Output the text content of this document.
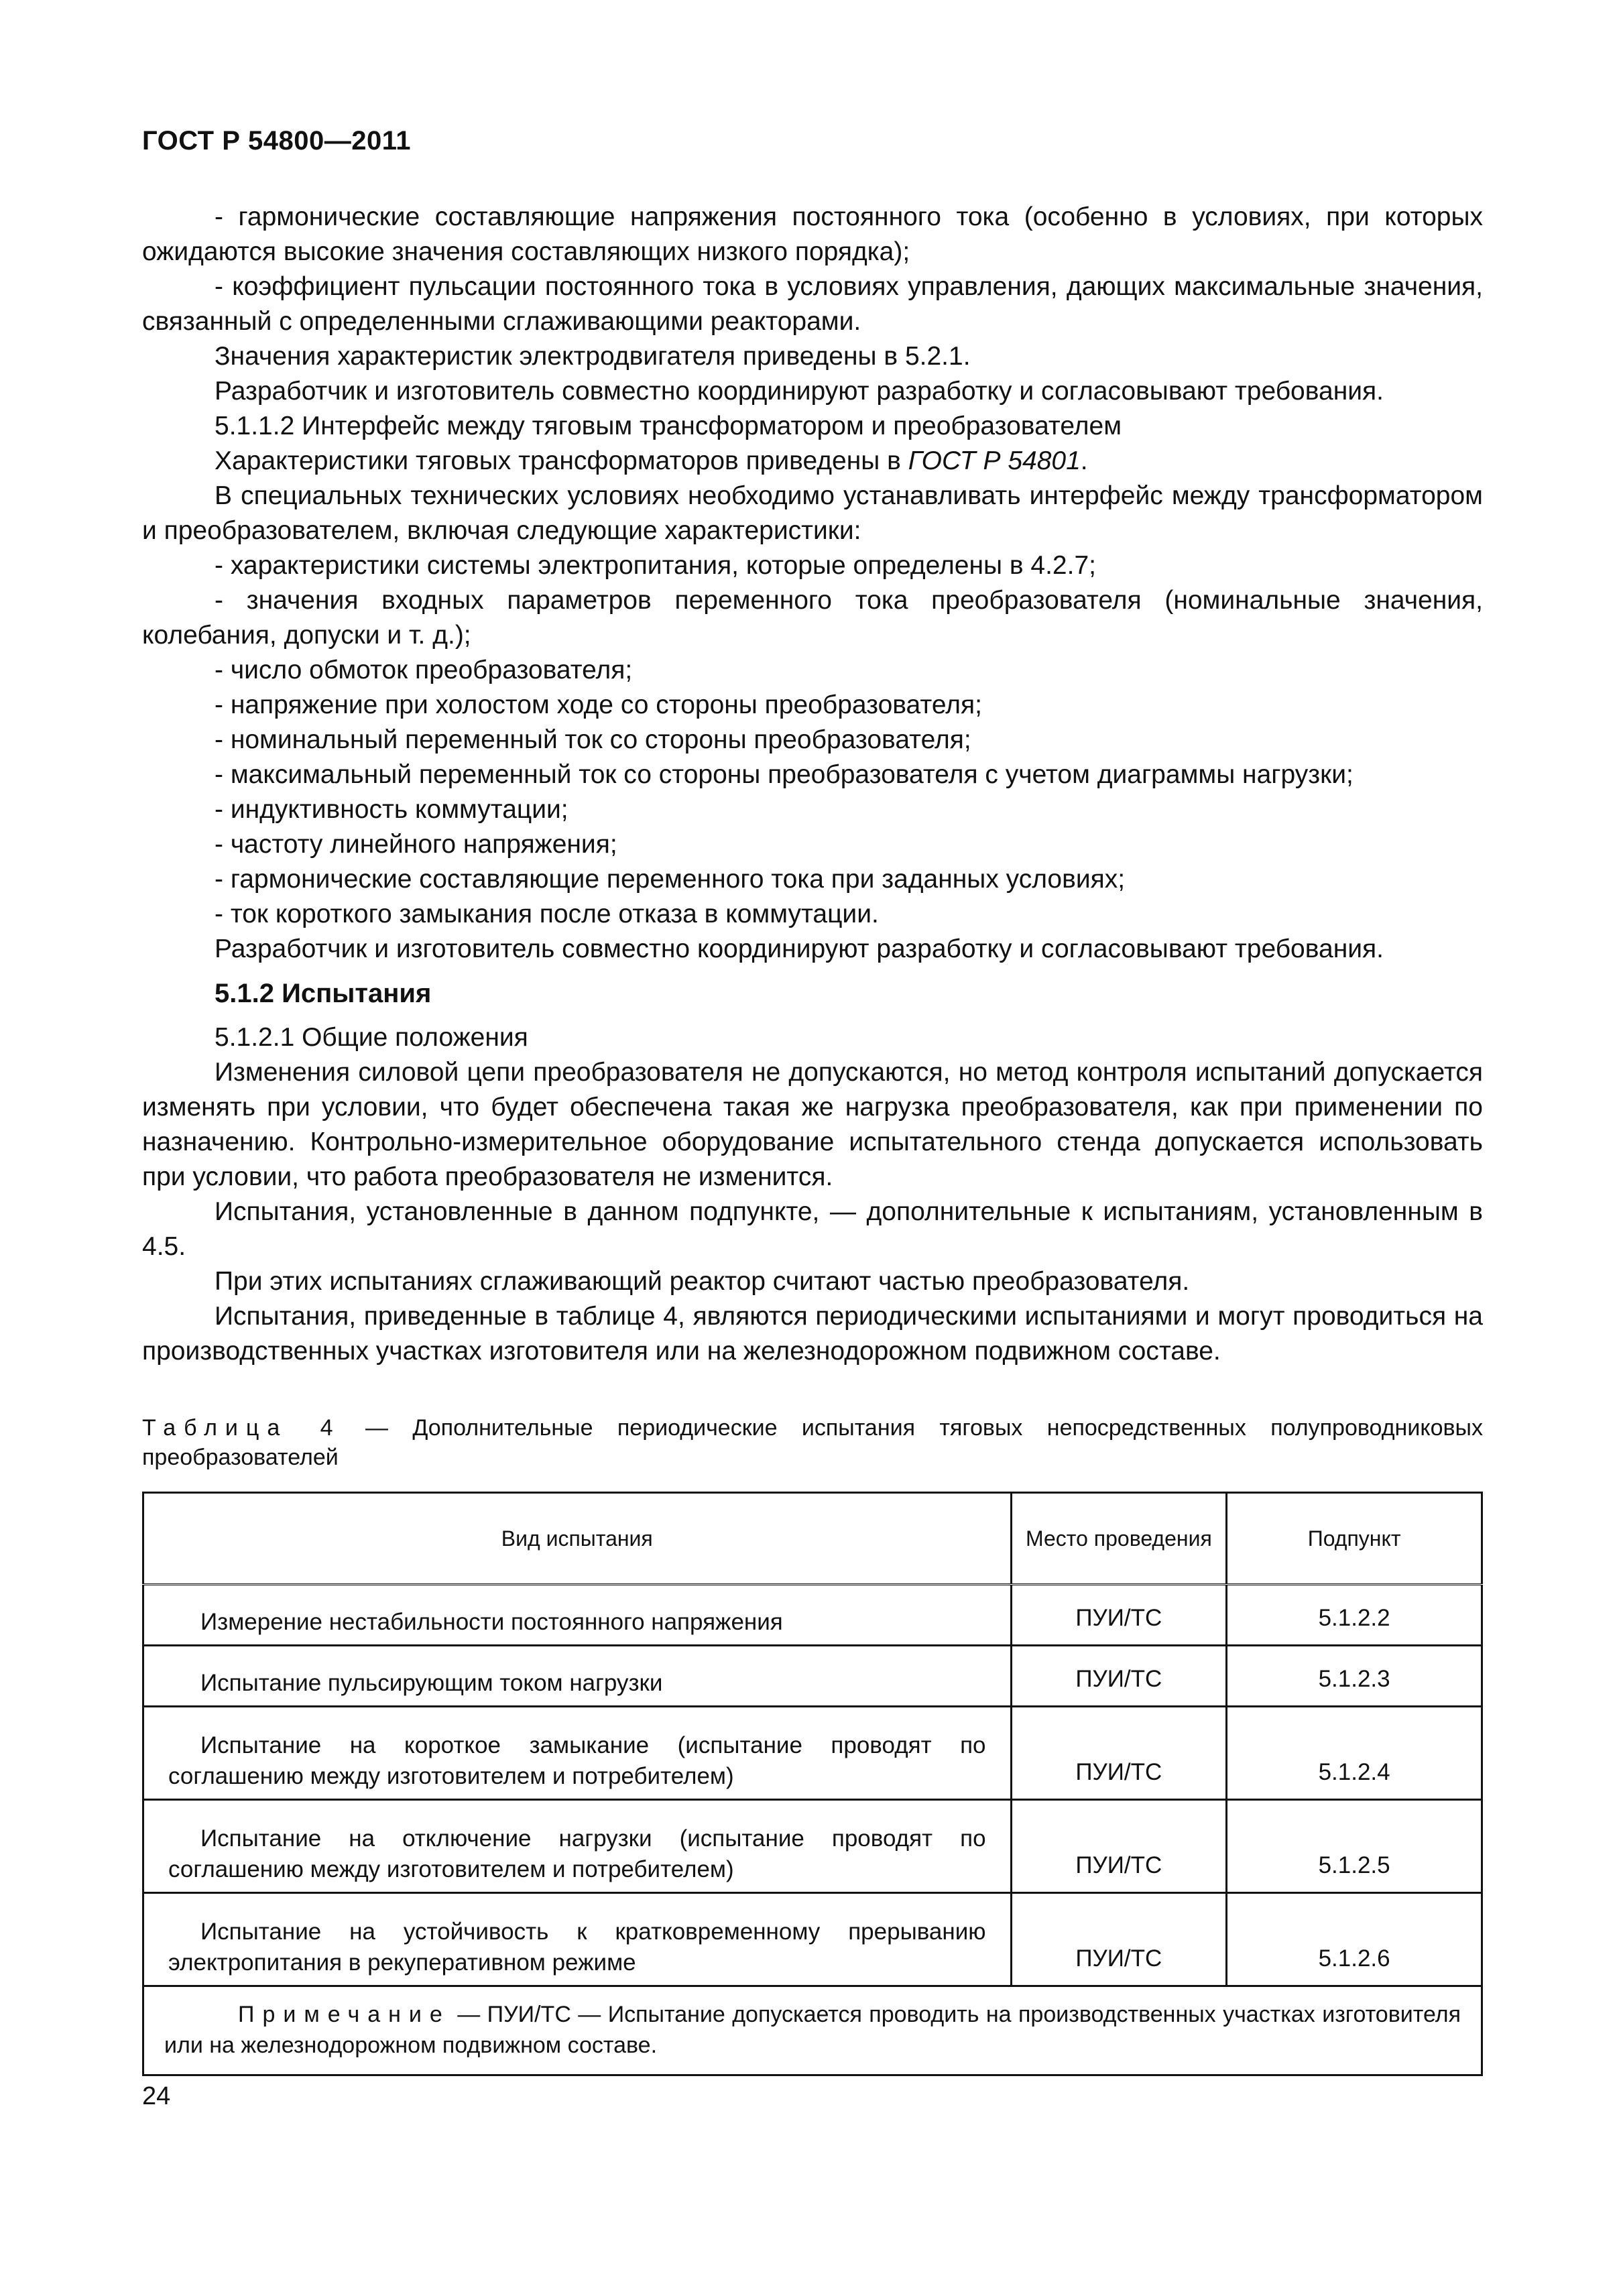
ГОСТ Р 54800—2011

- гармонические составляющие напряжения постоянного тока (особенно в условиях, при которых ожидаются высокие значения составляющих низкого порядка);

- коэффициент пульсации постоянного тока в условиях управления, дающих максимальные значения, связанный с определенными сглаживающими реакторами.

Значения характеристик электродвигателя приведены в 5.2.1.

Разработчик и изготовитель совместно координируют разработку и согласовывают требования.

5.1.1.2 Интерфейс между тяговым трансформатором и преобразователем

Характеристики тяговых трансформаторов приведены в ГОСТ Р 54801.

В специальных технических условиях необходимо устанавливать интерфейс между трансформатором и преобразователем, включая следующие характеристики:

- характеристики системы электропитания, которые определены в 4.2.7;

- значения входных параметров переменного тока преобразователя (номинальные значения, колебания, допуски и т. д.);

- число обмоток преобразователя;

- напряжение при холостом ходе со стороны преобразователя;

- номинальный переменный ток со стороны преобразователя;

- максимальный переменный ток со стороны преобразователя с учетом диаграммы нагрузки;

- индуктивность коммутации;

- частоту линейного напряжения;

- гармонические составляющие переменного тока при заданных условиях;

- ток короткого замыкания после отказа в коммутации.

Разработчик и изготовитель совместно координируют разработку и согласовывают требования.

5.1.2 Испытания

5.1.2.1 Общие положения

Изменения силовой цепи преобразователя не допускаются, но метод контроля испытаний допускается изменять при условии, что будет обеспечена такая же нагрузка преобразователя, как при применении по назначению. Контрольно-измерительное оборудование испытательного стенда допускается использовать при условии, что работа преобразователя не изменится.

Испытания, установленные в данном подпункте, — дополнительные к испытаниям, установленным в 4.5.

При этих испытаниях сглаживающий реактор считают частью преобразователя.

Испытания, приведенные в таблице 4, являются периодическими испытаниями и могут проводиться на производственных участках изготовителя или на железнодорожном подвижном составе.

Таблица 4 — Дополнительные периодические испытания тяговых непосредственных полупроводниковых преобразователей
Вид испытания	Место проведения	Подпункт

Измерение нестабильности постоянного напряжения	ПУИ/ТС	5.1.2.2

Испытание пульсирующим током нагрузки	ПУИ/ТС	5.1.2.3

Испытание на короткое замыкание (испытание проводят по соглашению между изготовителем и потребителем)	ПУИ/ТС	5.1.2.4

Испытание на отключение нагрузки (испытание проводят по соглашению между изготовителем и потребителем)	ПУИ/ТС	5.1.2.5

Испытание на устойчивость к кратковременному прерыванию электропитания в рекуперативном режиме	ПУИ/ТС	5.1.2.6
Примечание — ПУИ/ТС — Испытание допускается проводить на производственных участках изготовителя или на железнодорожном подвижном составе.		
24
